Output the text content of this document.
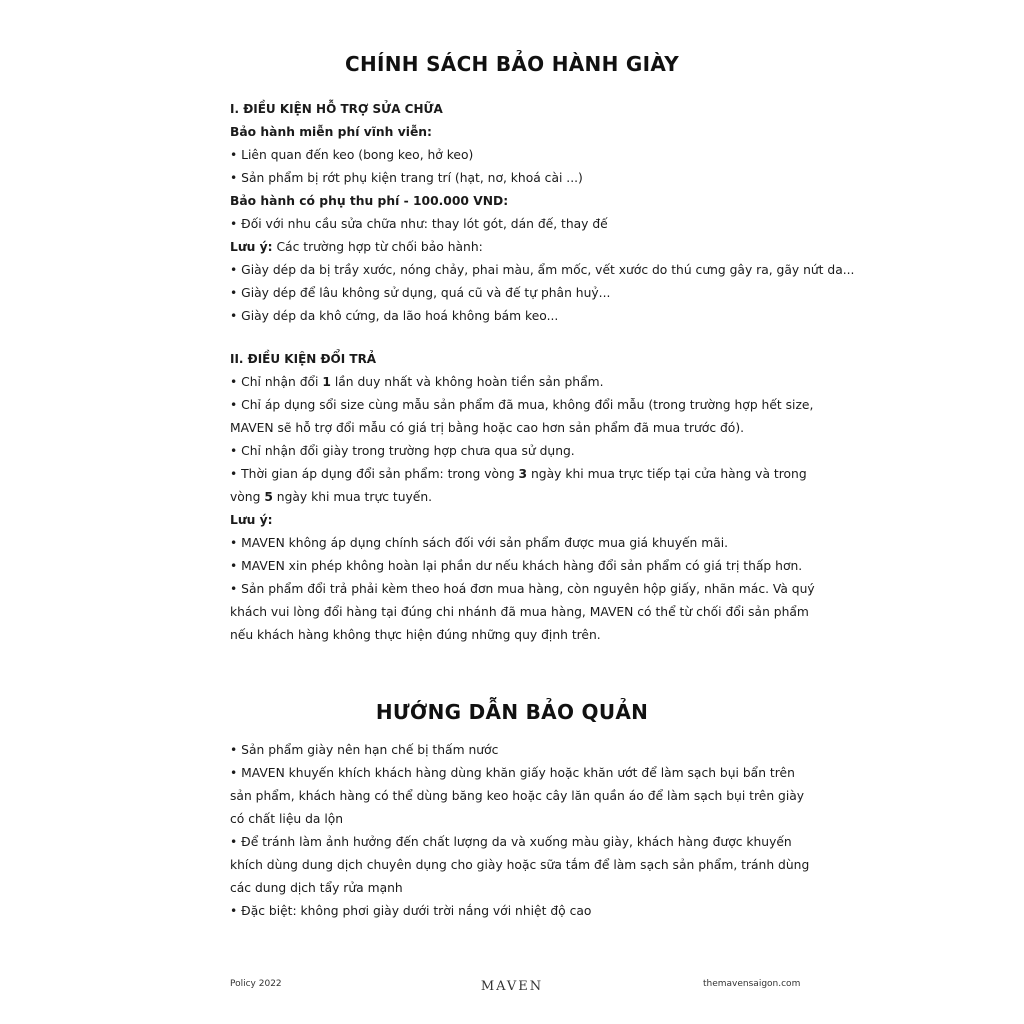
CHÍNH SÁCH BẢO HÀNH GIÀY

I. ĐIỀU KIỆN HỖ TRỢ SỬA CHỮA

Bảo hành miễn phí vĩnh viễn:

• Liên quan đến keo (bong keo, hở keo)

• Sản phẩm bị rớt phụ kiện trang trí (hạt, nơ, khoá cài ...)

Bảo hành có phụ thu phí - 100.000 VND:

• Đối với nhu cầu sửa chữa như: thay lót gót, dán đế, thay đế

Lưu ý: Các trường hợp từ chối bảo hành:

• Giày dép da bị trầy xước, nóng chảy, phai màu, ẩm mốc, vết xước do thú cưng gây ra, gãy nứt da...

• Giày dép để lâu không sử dụng, quá cũ và đế tự phân huỷ...

• Giày dép da khô cứng, da lão hoá không bám keo...

II. ĐIỀU KIỆN ĐỔI TRẢ

• Chỉ nhận đổi 1 lần duy nhất và không hoàn tiền sản phẩm.

• Chỉ áp dụng sổi size cùng mẫu sản phẩm đã mua, không đổi mẫu (trong trường hợp hết size,

MAVEN sẽ hỗ trợ đổi mẫu có giá trị bằng hoặc cao hơn sản phẩm đã mua trước đó).

• Chỉ nhận đổi giày trong trường hợp chưa qua sử dụng.

• Thời gian áp dụng đổi sản phẩm: trong vòng 3 ngày khi mua trực tiếp tại cửa hàng và trong

vòng 5 ngày khi mua trực tuyến.

Lưu ý:

• MAVEN không áp dụng chính sách đối với sản phẩm được mua giá khuyến mãi.

• MAVEN xin phép không hoàn lại phần dư nếu khách hàng đổi sản phẩm có giá trị thấp hơn.

• Sản phẩm đổi trả phải kèm theo hoá đơn mua hàng, còn nguyên hộp giấy, nhãn mác. Và quý

khách vui lòng đổi hàng tại đúng chi nhánh đã mua hàng, MAVEN có thể từ chối đổi sản phẩm

nếu khách hàng không thực hiện đúng những quy định trên.

HƯỚNG DẪN BẢO QUẢN

• Sản phẩm giày nên hạn chế bị thấm nước

• MAVEN khuyến khích khách hàng dùng khăn giấy hoặc khăn ướt để làm sạch bụi bẩn trên

sản phẩm, khách hàng có thể dùng băng keo hoặc cây lăn quần áo để làm sạch bụi trên giày

có chất liệu da lộn

• Để tránh làm ảnh hưởng đến chất lượng da và xuống màu giày, khách hàng được khuyến

khích dùng dung dịch chuyên dụng cho giày hoặc sữa tắm để làm sạch sản phẩm, tránh dùng

các dung dịch tẩy rửa mạnh

• Đặc biệt: không phơi giày dưới trời nắng với nhiệt độ cao

Policy 2022	MAVEN	themavensaigon.com
